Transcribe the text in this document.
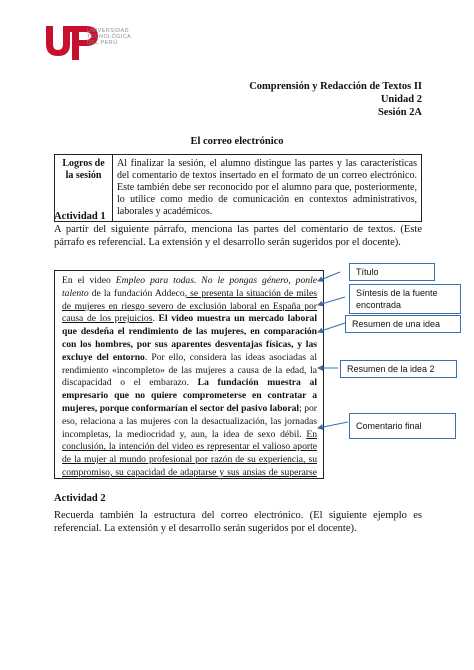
UNIVERSIDAD
TECNOLÓGICA
DEL PERÚ
Comprensión y Redacción de Textos II
Unidad 2
Sesión 2A
El correo electrónico
Logros de la sesión	Al finalizar la sesión, el alumno distingue las partes y las características del comentario de textos insertado en el formato de un correo electrónico. Este también debe ser reconocido por el alumno para que, posteriormente, lo utilice como medio de comunicación en contextos administrativos, laborales y académicos.
Actividad 1
A partir del siguiente párrafo, menciona las partes del comentario de textos. (Este párrafo es referencial. La extensión y el desarrollo serán sugeridos por el docente).
En el video Empleo para todas. No le pongas género, ponle talento de la fundación Addeco, se presenta la situación de miles de mujeres en riesgo severo de exclusión laboral en España por causa de los prejuicios. El video muestra un mercado laboral que desdeña el rendimiento de las mujeres, en comparación con los hombres, por sus aparentes desventajas físicas, y las excluye del entorno. Por ello, considera las ideas asociadas al rendimiento «incompleto» de las mujeres a causa de la edad, la discapacidad o el embarazo. La fundación muestra al empresario que no quiere comprometerse en contratar a mujeres, porque conformarían el sector del pasivo laboral; por eso, relaciona a las mujeres con la desactualización, las jornadas incompletas, la mediocridad y, aun, la idea de sexo débil. En conclusión, la intención del video es representar el valioso aporte de la mujer al mundo profesional por razón de su experiencia, su compromiso, su capacidad de adaptarse y sus ansias de superarse
Título
Síntesis de la fuente encontrada
Resumen de una idea
Resumen de la idea 2
Comentario final
Actividad 2
Recuerda también la estructura del correo electrónico. (El siguiente ejemplo es referencial. La extensión y el desarrollo serán sugeridos por el docente).
